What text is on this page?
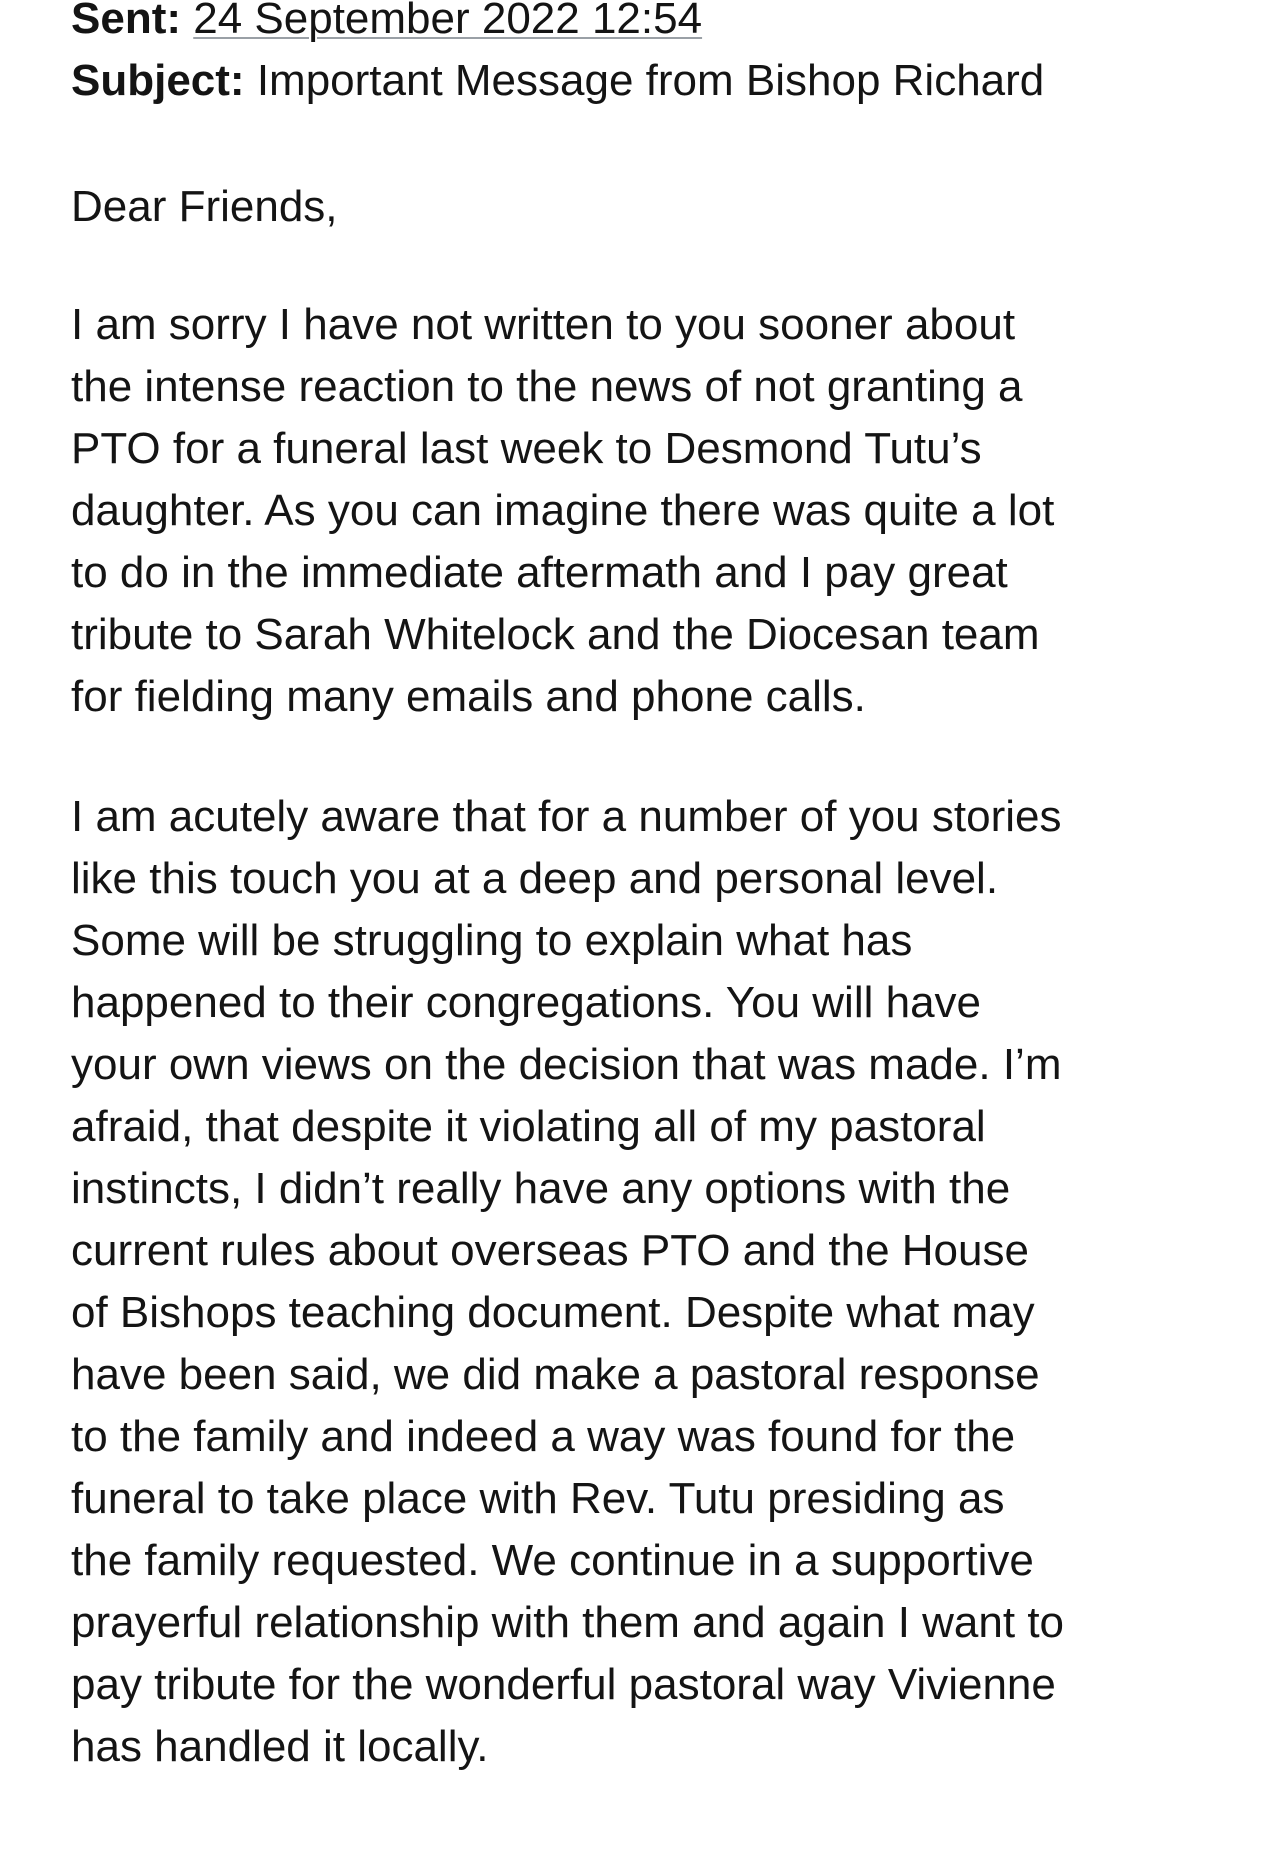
Sent: 24 September 2022 12:54
Subject: Important Message from Bishop Richard
Dear Friends,
I am sorry I have not written to you sooner about
the intense reaction to the news of not granting a
PTO for a funeral last week to Desmond Tutu’s
daughter. As you can imagine there was quite a lot
to do in the immediate aftermath and I pay great
tribute to Sarah Whitelock and the Diocesan team
for fielding many emails and phone calls.
I am acutely aware that for a number of you stories
like this touch you at a deep and personal level.
Some will be struggling to explain what has
happened to their congregations. You will have
your own views on the decision that was made. I’m
afraid, that despite it violating all of my pastoral
instincts, I didn’t really have any options with the
current rules about overseas PTO and the House
of Bishops teaching document. Despite what may
have been said, we did make a pastoral response
to the family and indeed a way was found for the
funeral to take place with Rev. Tutu presiding as
the family requested. We continue in a supportive
prayerful relationship with them and again I want to
pay tribute for the wonderful pastoral way Vivienne
has handled it locally.
